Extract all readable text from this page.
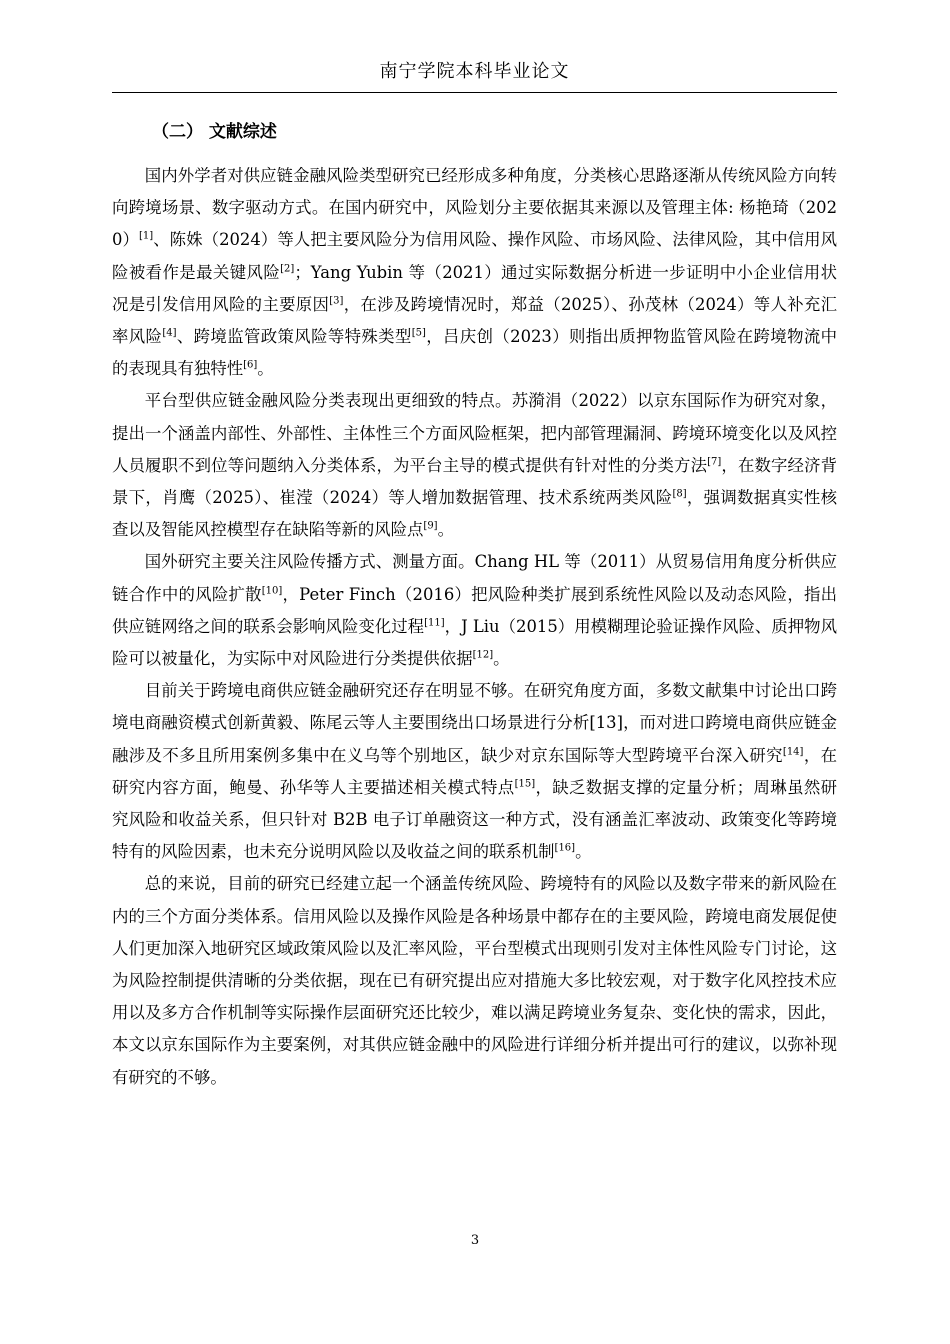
南宁学院本科毕业论文
（二） 文献综述

国内外学者对供应链金融风险类型研究已经形成多种角度，分类核心思路逐渐从传统风险方向转向跨境场景、数字驱动方式。在国内研究中，风险划分主要依据其来源以及管理主体: 杨艳琦（2020）[1]、陈姝（2024）等人把主要风险分为信用风险、操作风险、市场风险、法律风险，其中信用风险被看作是最关键风险[2]；Yang Yubin 等（2021）通过实际数据分析进一步证明中小企业信用状况是引发信用风险的主要原因[3]，在涉及跨境情况时，郑益（2025）、孙茂林（2024）等人补充汇率风险[4]、跨境监管政策风险等特殊类型[5]，吕庆创（2023）则指出质押物监管风险在跨境物流中的表现具有独特性[6]。

平台型供应链金融风险分类表现出更细致的特点。苏漪涓（2022）以京东国际作为研究对象，提出一个涵盖内部性、外部性、主体性三个方面风险框架，把内部管理漏洞、跨境环境变化以及风控人员履职不到位等问题纳入分类体系，为平台主导的模式提供有针对性的分类方法[7]，在数字经济背景下，肖鹰（2025）、崔滢（2024）等人增加数据管理、技术系统两类风险[8]，强调数据真实性核查以及智能风控模型存在缺陷等新的风险点[9]。

国外研究主要关注风险传播方式、测量方面。Chang HL 等（2011）从贸易信用角度分析供应链合作中的风险扩散[10]，Peter Finch（2016）把风险种类扩展到系统性风险以及动态风险，指出供应链网络之间的联系会影响风险变化过程[11]，J Liu（2015）用模糊理论验证操作风险、质押物风险可以被量化，为实际中对风险进行分类提供依据[12]。

目前关于跨境电商供应链金融研究还存在明显不够。在研究角度方面，多数文献集中讨论出口跨境电商融资模式创新黄毅、陈尾云等人主要围绕出口场景进行分析[13]，而对进口跨境电商供应链金融涉及不多且所用案例多集中在义乌等个别地区，缺少对京东国际等大型跨境平台深入研究[14]，在研究内容方面，鲍曼、孙华等人主要描述相关模式特点[15]，缺乏数据支撑的定量分析；周琳虽然研究风险和收益关系，但只针对 B2B 电子订单融资这一种方式，没有涵盖汇率波动、政策变化等跨境特有的风险因素，也未充分说明风险以及收益之间的联系机制[16]。

总的来说，目前的研究已经建立起一个涵盖传统风险、跨境特有的风险以及数字带来的新风险在内的三个方面分类体系。信用风险以及操作风险是各种场景中都存在的主要风险，跨境电商发展促使人们更加深入地研究区域政策风险以及汇率风险，平台型模式出现则引发对主体性风险专门讨论，这为风险控制提供清晰的分类依据，现在已有研究提出应对措施大多比较宏观，对于数字化风控技术应用以及多方合作机制等实际操作层面研究还比较少，难以满足跨境业务复杂、变化快的需求，因此，本文以京东国际作为主要案例，对其供应链金融中的风险进行详细分析并提出可行的建议，以弥补现有研究的不够。

3
